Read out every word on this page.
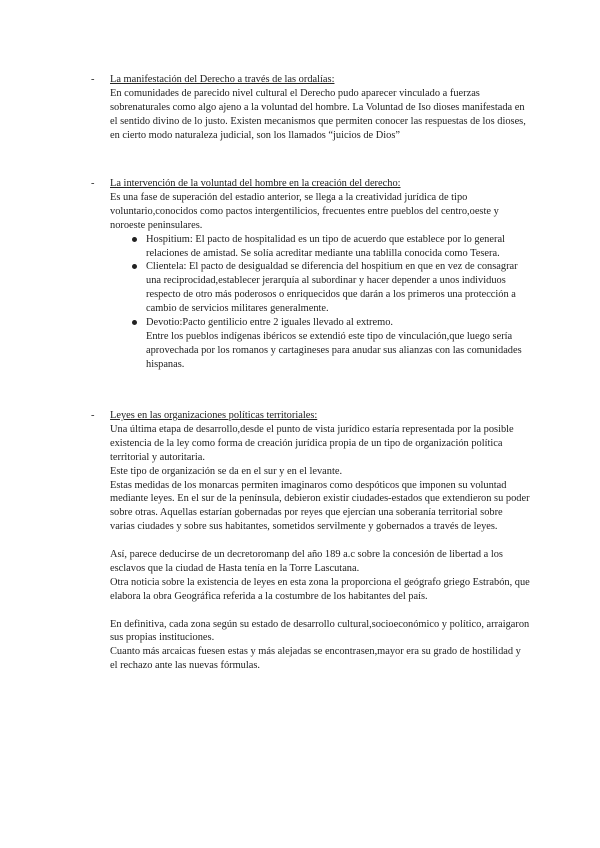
- La manifestación del Derecho a través de las ordalías:

En comunidades de parecido nivel cultural el Derecho pudo aparecer vinculado a fuerzas sobrenaturales como algo ajeno a la voluntad del hombre. La Voluntad de Iso dioses manifestada en el sentido divino de lo justo. Existen mecanismos que permiten conocer las respuestas de los dioses, en cierto modo naturaleza judicial, son los llamados “juicios de Dios”

- La intervención de la voluntad del hombre en la creación del derecho:

Es una fase de superación del estadio anterior, se llega a la creatividad jurídica de tipo voluntario,conocidos como pactos intergentilicios, frecuentes entre pueblos del centro,oeste y noroeste peninsulares.

Hospitium: El pacto de hospitalidad es un tipo de acuerdo que establece por lo general relaciones de amistad. Se solía acreditar mediante una tablilla conocida como Tesera.
Clientela: El pacto de desigualdad se diferencia del hospitium en que en vez de consagrar una reciprocidad,establecer jerarquía al subordinar y hacer depender a unos individuos respecto de otro más poderosos o enriquecidos que darán a los primeros una protección a cambio de servicios militares generalmente.
Devotio:Pacto gentilicio entre 2 iguales llevado al extremo.
Entre los pueblos indígenas ibéricos se extendió este tipo de vinculación,que luego sería aprovechada por los romanos y cartagineses para anudar sus alianzas con las comunidades hispanas.
- Leyes en las organizaciones políticas territoriales:

Una última etapa de desarrollo,desde el punto de vista jurídico estaría representada por la posible existencia de la ley como forma de creación jurídica propia de un tipo de organización política territorial y autoritaria.

Este tipo de organización se da en el sur y en el levante.

Estas medidas de los monarcas permiten imaginaros como despóticos que imponen su voluntad mediante leyes. En el sur de la península, debieron existir ciudades-estados que extendieron su poder sobre otras. Aquellas estarían gobernadas por reyes que ejercían una soberanía territorial sobre varias ciudades y sobre sus habitantes, sometidos servilmente y gobernados a través de leyes.

Así, parece deducirse de un decretoromanp del año 189 a.c sobre la concesión de libertad a los esclavos que la ciudad de Hasta tenía en la Torre Lascutana.

Otra noticia sobre la existencia de leyes en esta zona la proporciona el geógrafo griego Estrabón, que elabora la obra Geográfica referida a la costumbre de los habitantes del país.

En definitiva, cada zona según su estado de desarrollo cultural,socioeconómico y político, arraigaron sus propias instituciones.

Cuanto más arcaicas fuesen estas y más alejadas se encontrasen,mayor era su grado de hostilidad y el rechazo ante las nuevas fórmulas.
